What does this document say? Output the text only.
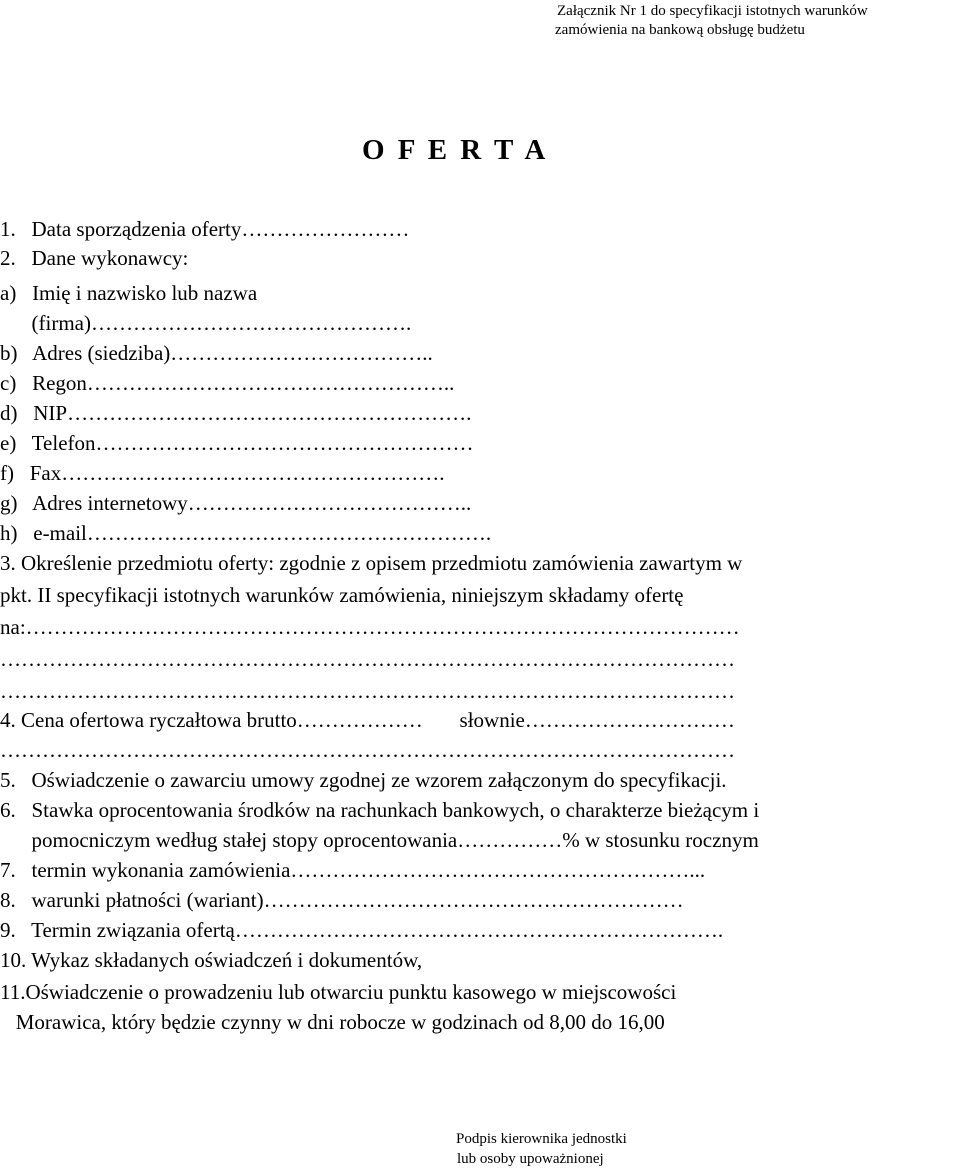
Załącznik Nr 1 do specyfikacji istotnych warunków
zamówienia na bankową obsługę budżetu
O F E R T A
1.   Data sporządzenia oferty……………………
2.   Dane wykonawcy:
a)   Imię i nazwisko lub nazwa
(firma)……………………………………….
b)   Adres (siedziba)………………………………..
c)   Regon……………………………………………..
d)   NIP………………………………………………….
e)   Telefon………………………………………………
f)   Fax……………………………………………….
g)   Adres internetowy…………………………………..
h)   e-mail………………………………………………….
3. Określenie przedmiotu oferty: zgodnie z opisem przedmiotu zamówienia zawartym w
pkt. II specyfikacji istotnych warunków zamówienia, niniejszym składamy ofertę
na:…………………………………………………………………………………………
……………………………………………………………………………………………
……………………………………………………………………………………………
4. Cena ofertowa ryczałtowa brutto………………       słownie…………………………
……………………………………………………………………………………………
5.   Oświadczenie o zawarciu umowy zgodnej ze wzorem załączonym do specyfikacji.
6.   Stawka oprocentowania środków na rachunkach bankowych, o charakterze bieżącym i
pomocniczym według stałej stopy oprocentowania……………% w stosunku rocznym
7.   termin wykonania zamówienia…………………………………………………...
8.   warunki płatności (wariant)……………………………………………………
9.   Termin związania ofertą…………………………………………………………….
10. Wykaz składanych oświadczeń i dokumentów,
11.Oświadczenie o prowadzeniu lub otwarciu punktu kasowego w miejscowości
Morawica, który będzie czynny w dni robocze w godzinach od 8,00 do 16,00
Podpis kierownika jednostki
lub osoby upoważnionej
